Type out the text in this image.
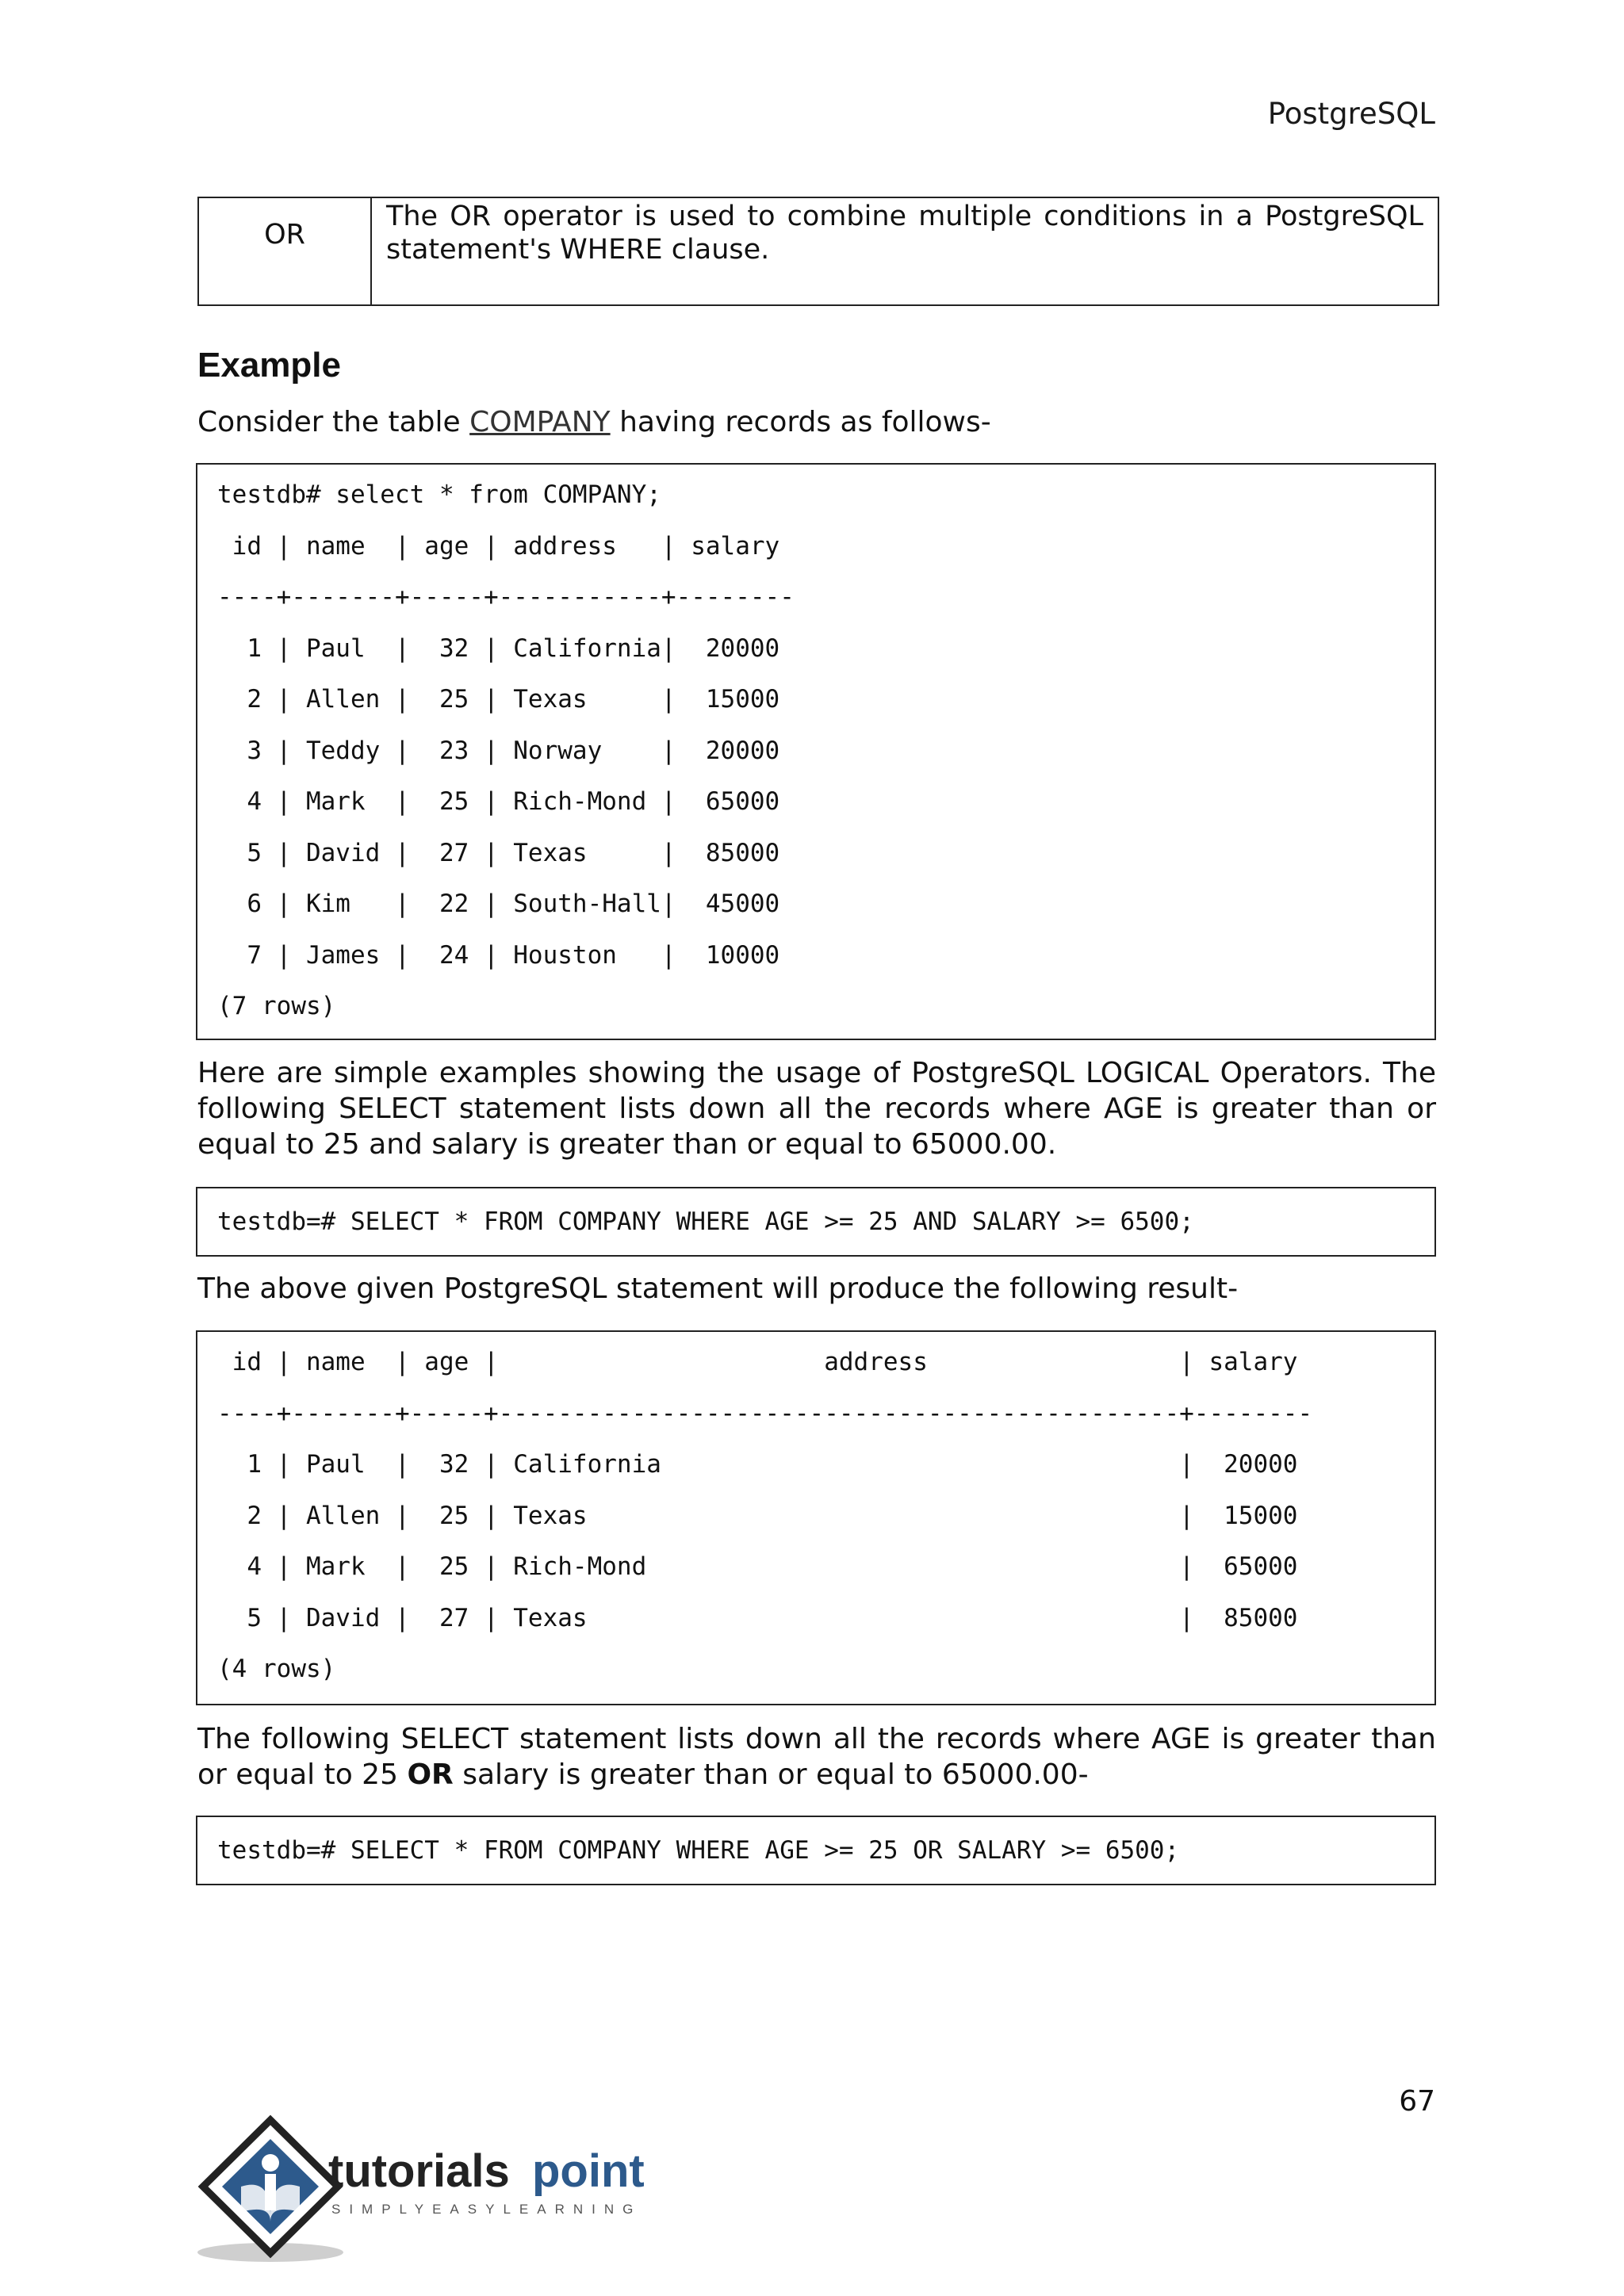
PostgreSQL
OR
The OR operator is used to combine multiple conditions in a PostgreSQL statement's WHERE clause.
Example
Consider the table COMPANY having records as follows-
testdb# select * from COMPANY;
id | name  | age | address   | salary
----+-------+-----+-----------+--------
1 | Paul  |  32 | California|  20000
2 | Allen |  25 | Texas     |  15000
3 | Teddy |  23 | Norway    |  20000
4 | Mark  |  25 | Rich-Mond |  65000
5 | David |  27 | Texas     |  85000
6 | Kim   |  22 | South-Hall|  45000
7 | James |  24 | Houston   |  10000
(7 rows)
Here are simple examples showing the usage of PostgreSQL LOGICAL Operators. The following SELECT statement lists down all the records where AGE is greater than or equal to 25 and salary is greater than or equal to 65000.00.
testdb=# SELECT * FROM COMPANY WHERE AGE >= 25 AND SALARY >= 6500;
The above given PostgreSQL statement will produce the following result-
id | name  | age |                      address                 | salary
----+-------+-----+----------------------------------------------+--------
1 | Paul  |  32 | California                                   |  20000
2 | Allen |  25 | Texas                                        |  15000
4 | Mark  |  25 | Rich-Mond                                    |  65000
5 | David |  27 | Texas                                        |  85000
(4 rows)
The following SELECT statement lists down all the records where AGE is greater than or equal to 25 OR salary is greater than or equal to 65000.00-
testdb=# SELECT * FROM COMPANY WHERE AGE >= 25 OR SALARY >= 6500;
67
tutorials point
SIMPLYEASYLEARNING
